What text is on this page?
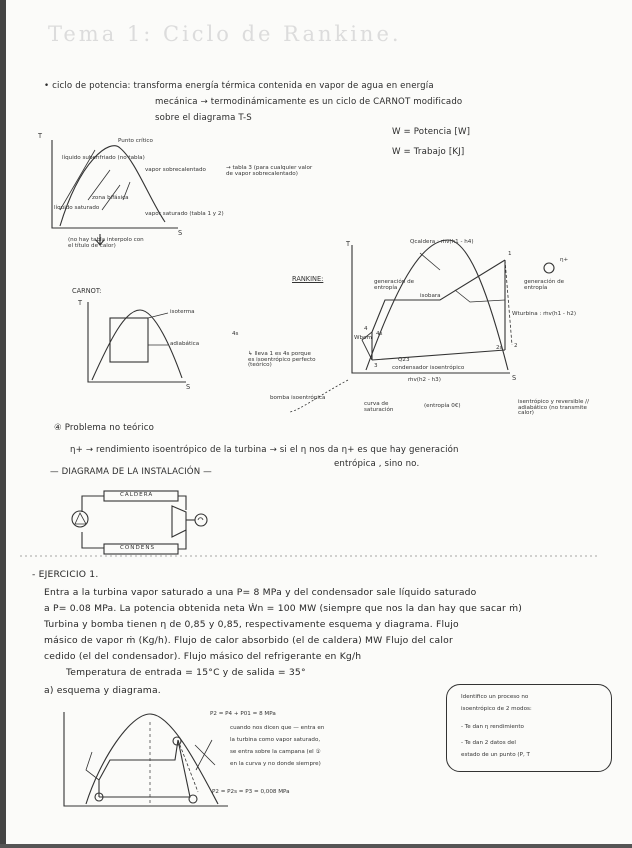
Tema 1: Ciclo de Rankine.
• ciclo de potencia: transforma energía térmica contenida en vapor de agua en energía
mecánica → termodinámicamente es un ciclo de CARNOT modificado
sobre el diagrama T-S
W = Potencia [W]
W = Trabajo [KJ]
T
S
Punto crítico
líquido subenfriado (no tabla)
zona bifásica
líquido saturado
vapor sobrecalentado	→ tabla 3 (para cualquier valor de vapor sobrecalentado)
vapor saturado (tabla 1 y 2)
(no hay tabla interpolo con el título de calor)
CARNOT:
T
S
isoterma
adiabática
4s
↳ lleva 1 es 4s porque es isoentrópico perfecto (teórico)
bomba isoentrópica
RANKINE:
Qcaldera : ṁv(h1 - h4)
isobara
generación de entropía
Wturbina : ṁv(h1 - h2)
Wbom
Q23
condensador isoentrópico
ṁv(h2 - h3)
curva de saturación
(entropía 0€)
isentrópico y reversible // adiabático (no transmite calor)
η+
generación de entropía
1
2
2s
3
4
4s
T
S
④ Problema no teórico
η+ → rendimiento isoentrópico de la turbina → si el η nos da η+ es que hay generación
entrópica , sino no.
— DIAGRAMA DE LA INSTALACIÓN —
CALDERA
CONDENS
- EJERCICIO 1.
Entra a la turbina vapor saturado a una P= 8 MPa y del condensador sale líquido saturado
a P= 0.08 MPa. La potencia obtenida neta Ẇn = 100 MW (siempre que nos la dan hay que sacar ṁ)
Turbina y bomba tienen η de 0,85 y 0,85, respectivamente esquema y diagrama. Flujo
másico de vapor ṁ (Kg/h). Flujo de calor absorbido (el de caldera) MW Flujo del calor
cedido (el del condensador). Flujo másico del refrigerante en Kg/h
Temperatura de entrada = 15°C y de salida = 35°
a) esquema y diagrama.
P2 = P4 + P01 = 8 MPa
cuando nos dicen que — entra en
la turbina como vapor saturado,
se entra sobre la campana (el ①
en la curva y no donde siempre)
P2 = P2s = P3 = 0,008 MPa
Identifico un proceso no
isoentrópico de 2 modos:
- Te dan η rendimiento
- Te dan 2 datos del
estado de un punto (P, T
